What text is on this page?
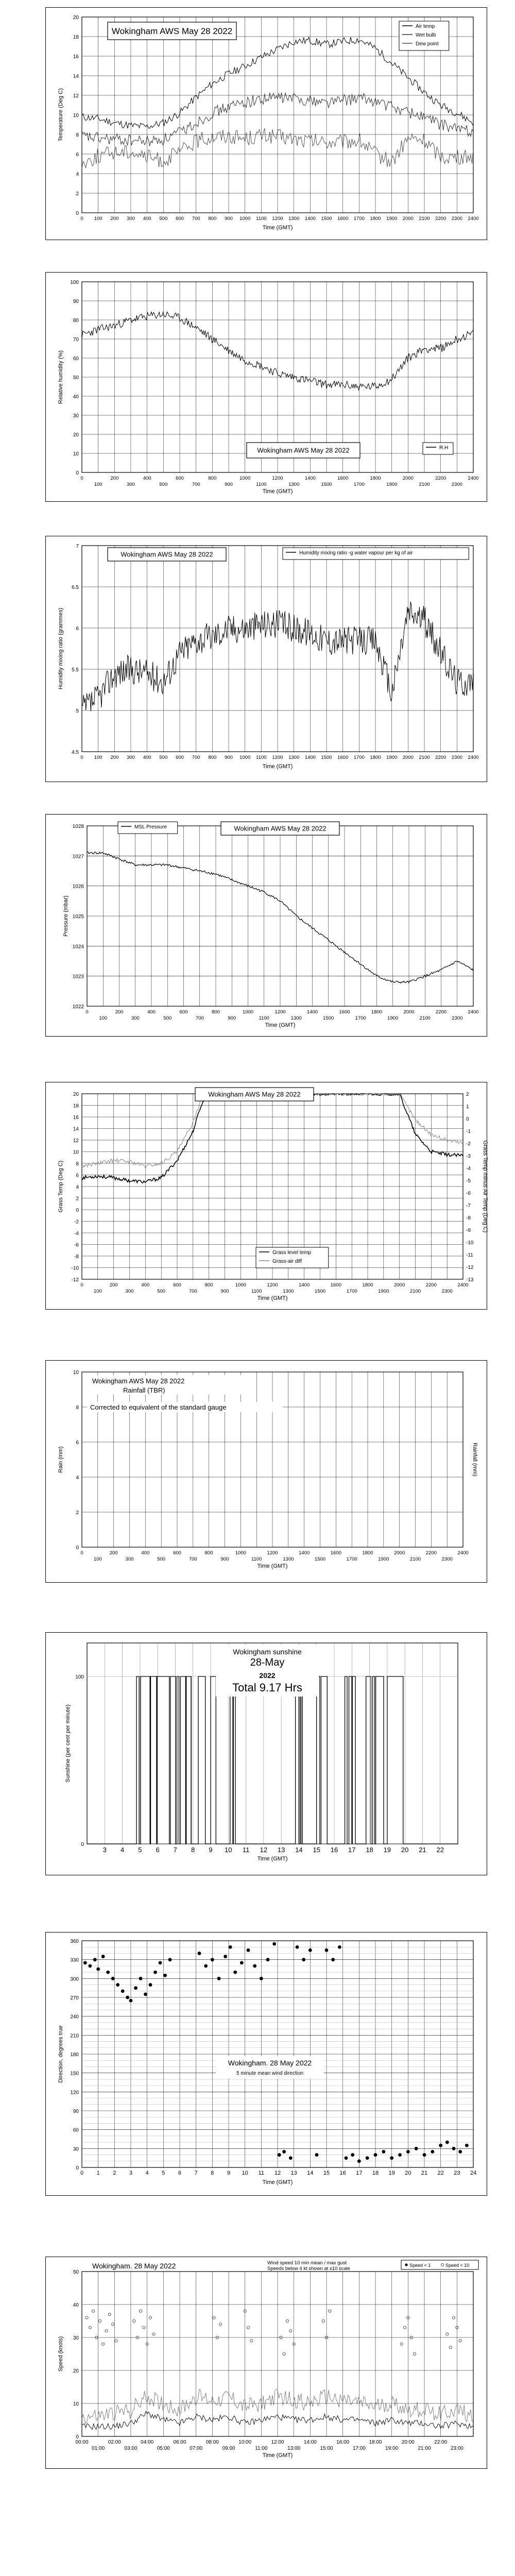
0
2
4
6
8
10
12
14
16
18
20
0 100 200 300 400 500 600 700 800 900 1000 1100 1200 1300 1400 1500 1600 1700 1800 1900 2000 2100 2200 2300 2400
Time (GMT)
Temperature (Deg C)
Wokingham AWS May 28 2022	Air temp
Wet bulb
Dew point
0
10
20
30
40
50
60
70
80
90
100
0
100
200
300
400
500
600
700
800
900
1000
1100
1200
1300
1400
1500
1600
1700
1800
1900
2000
2100
2200
2300
2400
Time (GMT)
Relative humidity (%)
Wokingham AWS May 28 2022	R.H
4.5
5
5.5
6
6.5
7
0 100 200 300 400 500 600 700 800 900 1000 1100 1200 1300 1400 1500 1600 1700 1800 1900 2000 2100 2200 2300 2400
Time (GMT)
Humidity mixing ratio (grammes)
Wokingham AWS May 28 2022	Humidity mixing ratio -g water vapour per kg of air
1022
1023
1024
1025
1026
1027
1028
0
100
200
300
400
500
600
700
800
900
1000
1100
1200
1300
1400
1500
1600
1700
1800
1900
2000
2100
2200
2300
2400
Time (GMT)
Pressure (mbar)
MSL Pressure	Wokingham AWS May 28 2022
-12
-10
-8
-6
-4
-2
0
2
4
6
8
10
12
14
16
18
20
0
100
200
300
400
500
600
700
800
900
1000
1100
1200
1300
1400
1500
1600
1700
1800
1900
2000
2100
2200
2300
2400
Time (GMT)
Grass Temp (Deg C)
-13
-12
-11
-10
-9
-8
-7
-6
-5
-4
-3
-2
-1
0
1
2
Grass Temp minus Air Temp (Deg C)
Wokingham AWS May 28 2022
Grass level temp
Grass-air diff
0
2
4
6
8
10
0
100
200
300
400
500
600
700
800
900
1000
1100
1200
1300
1400
1500
1600
1700
1800
1900
2000
2100
2200
2300
2400
Time (GMT)
Rain (mm)	Rainfall (mm)
Wokingham AWS May 28 2022
Rainfall (TBR)
Corrected to equivalent of the standard gauge
3 4 5 6 7 8 9 10 11 12 13 14 15 16 17 18 19 20 21 22
0
100
Time (GMT)
Sunshine (per cent per minute)
Wokingham sunshine
28-May
2022
Total 9.17 Hrs
0
30
60
90
120
150
180
210
240
270
300
330
360
0 1 2 3 4 5 6 7 8 9 10 11 12 13 14 15 16 17 18 19 20 21 22 23 24
Time (GMT)
Direction, degrees true	Wokingham. 28 May 2022
5 minute mean wind direction
0
10
20
30
40
50
00:00
01:00
02:00
03:00
04:00
05:00
06:00
07:00
08:00
09:00
10:00
11:00
12:00
13:00
14:00
15:00
16:00
17:00
18:00
19:00
20:00
21:00
22:00
23:00
Time (GMT)
Speed (knots)
Wokingham. 28 May 2022	Wind speed 10 min mean / max gust
Speeds below 4 kt shown at x10 scale
Speed < 1	Speed < 10
